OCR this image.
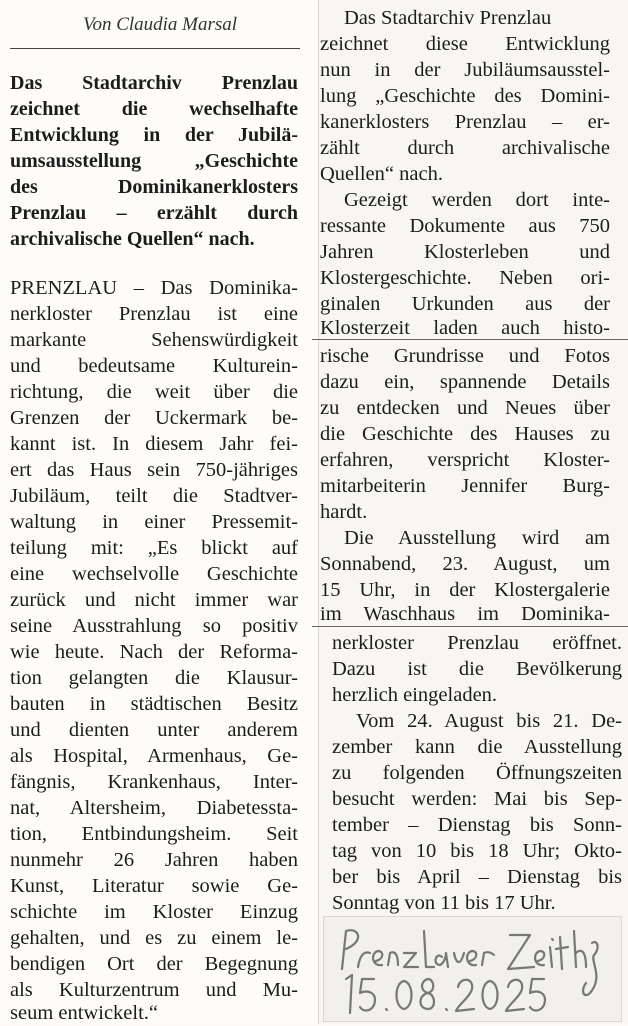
Von Claudia Marsal
Das Stadtarchiv Prenzlau
zeichnet die wechselhafte
Entwicklung in der Jubilä-
umsausstellung „Geschichte
des Dominikanerklosters
Prenzlau – erzählt durch
archivalische Quellen“ nach.
PRENZLAU – Das Dominika-
nerkloster Prenzlau ist eine
markante Sehenswürdigkeit
und bedeutsame Kulturein-
richtung, die weit über die
Grenzen der Uckermark be-
kannt ist. In diesem Jahr fei-
ert das Haus sein 750-jähriges
Jubiläum, teilt die Stadtver-
waltung in einer Pressemit-
teilung mit: „Es blickt auf
eine wechselvolle Geschichte
zurück und nicht immer war
seine Ausstrahlung so positiv
wie heute. Nach der Reforma-
tion gelangten die Klausur-
bauten in städtischen Besitz
und dienten unter anderem
als Hospital, Armenhaus, Ge-
fängnis, Krankenhaus, Inter-
nat, Altersheim, Diabetessta-
tion, Entbindungsheim. Seit
nunmehr 26 Jahren haben
Kunst, Literatur sowie Ge-
schichte im Kloster Einzug
gehalten, und es zu einem le-
bendigen Ort der Begegnung
als Kulturzentrum und Mu-
seum entwickelt.“
Das Stadtarchiv Prenzlau
zeichnet diese Entwicklung
nun in der Jubiläumsausstel-
lung „Geschichte des Domini-
kanerklosters Prenzlau – er-
zählt durch archivalische
Quellen“ nach.
Gezeigt werden dort inte-
ressante Dokumente aus 750
Jahren Klosterleben und
Klostergeschichte. Neben ori-
ginalen Urkunden aus der
Klosterzeit laden auch histo-
rische Grundrisse und Fotos
dazu ein, spannende Details
zu entdecken und Neues über
die Geschichte des Hauses zu
erfahren, verspricht Kloster-
mitarbeiterin Jennifer Burg-
hardt.
Die Ausstellung wird am
Sonnabend, 23. August, um
15 Uhr, in der Klostergalerie
im Waschhaus im Dominika-
nerkloster Prenzlau eröffnet.
Dazu ist die Bevölkerung
herzlich eingeladen.
Vom 24. August bis 21. De-
zember kann die Ausstellung
zu folgenden Öffnungszeiten
besucht werden: Mai bis Sep-
tember – Dienstag bis Sonn-
tag von 10 bis 18 Uhr; Okto-
ber bis April – Dienstag bis
Sonntag von 11 bis 17 Uhr.
